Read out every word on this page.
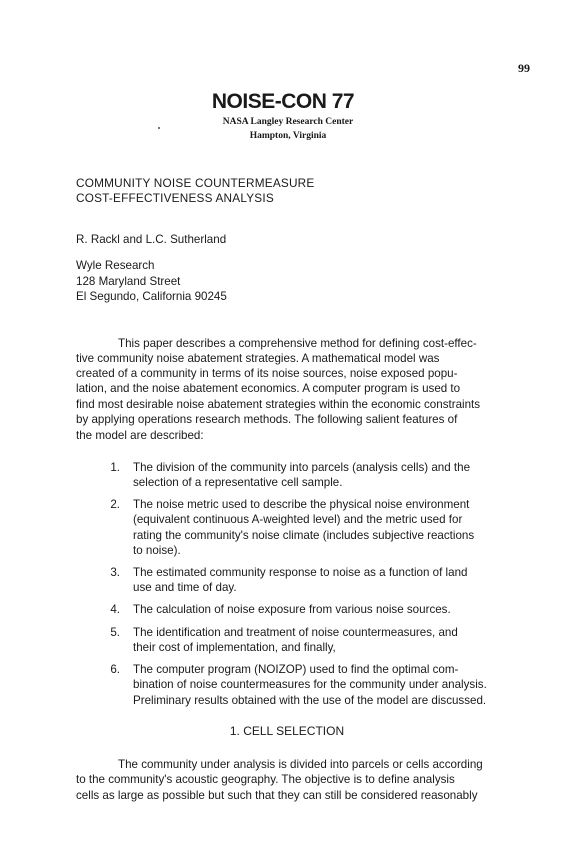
99
NOISE-CON 77
NASA Langley Research Center
Hampton, Virginia
COMMUNITY NOISE COUNTERMEASURE
COST-EFFECTIVENESS ANALYSIS
R. Rackl and L.C. Sutherland
Wyle Research
128 Maryland Street
El Segundo, California 90245
This paper describes a comprehensive method for defining cost-effec-
tive community noise abatement strategies. A mathematical model was
created of a community in terms of its noise sources, noise exposed popu-
lation, and the noise abatement economics. A computer program is used to
find most desirable noise abatement strategies within the economic constraints
by applying operations research methods. The following salient features of
the model are described:
1. The division of the community into parcels (analysis cells) and the
selection of a representative cell sample.
2. The noise metric used to describe the physical noise environment
(equivalent continuous A-weighted level) and the metric used for
rating the community's noise climate (includes subjective reactions
to noise).
3. The estimated community response to noise as a function of land
use and time of day.
4. The calculation of noise exposure from various noise sources.
5. The identification and treatment of noise countermeasures, and
their cost of implementation, and finally,
6. The computer program (NOIZOP) used to find the optimal com-
bination of noise countermeasures for the community under analysis.
Preliminary results obtained with the use of the model are discussed.
1. CELL SELECTION
The community under analysis is divided into parcels or cells according
to the community's acoustic geography. The objective is to define analysis
cells as large as possible but such that they can still be considered reasonably
